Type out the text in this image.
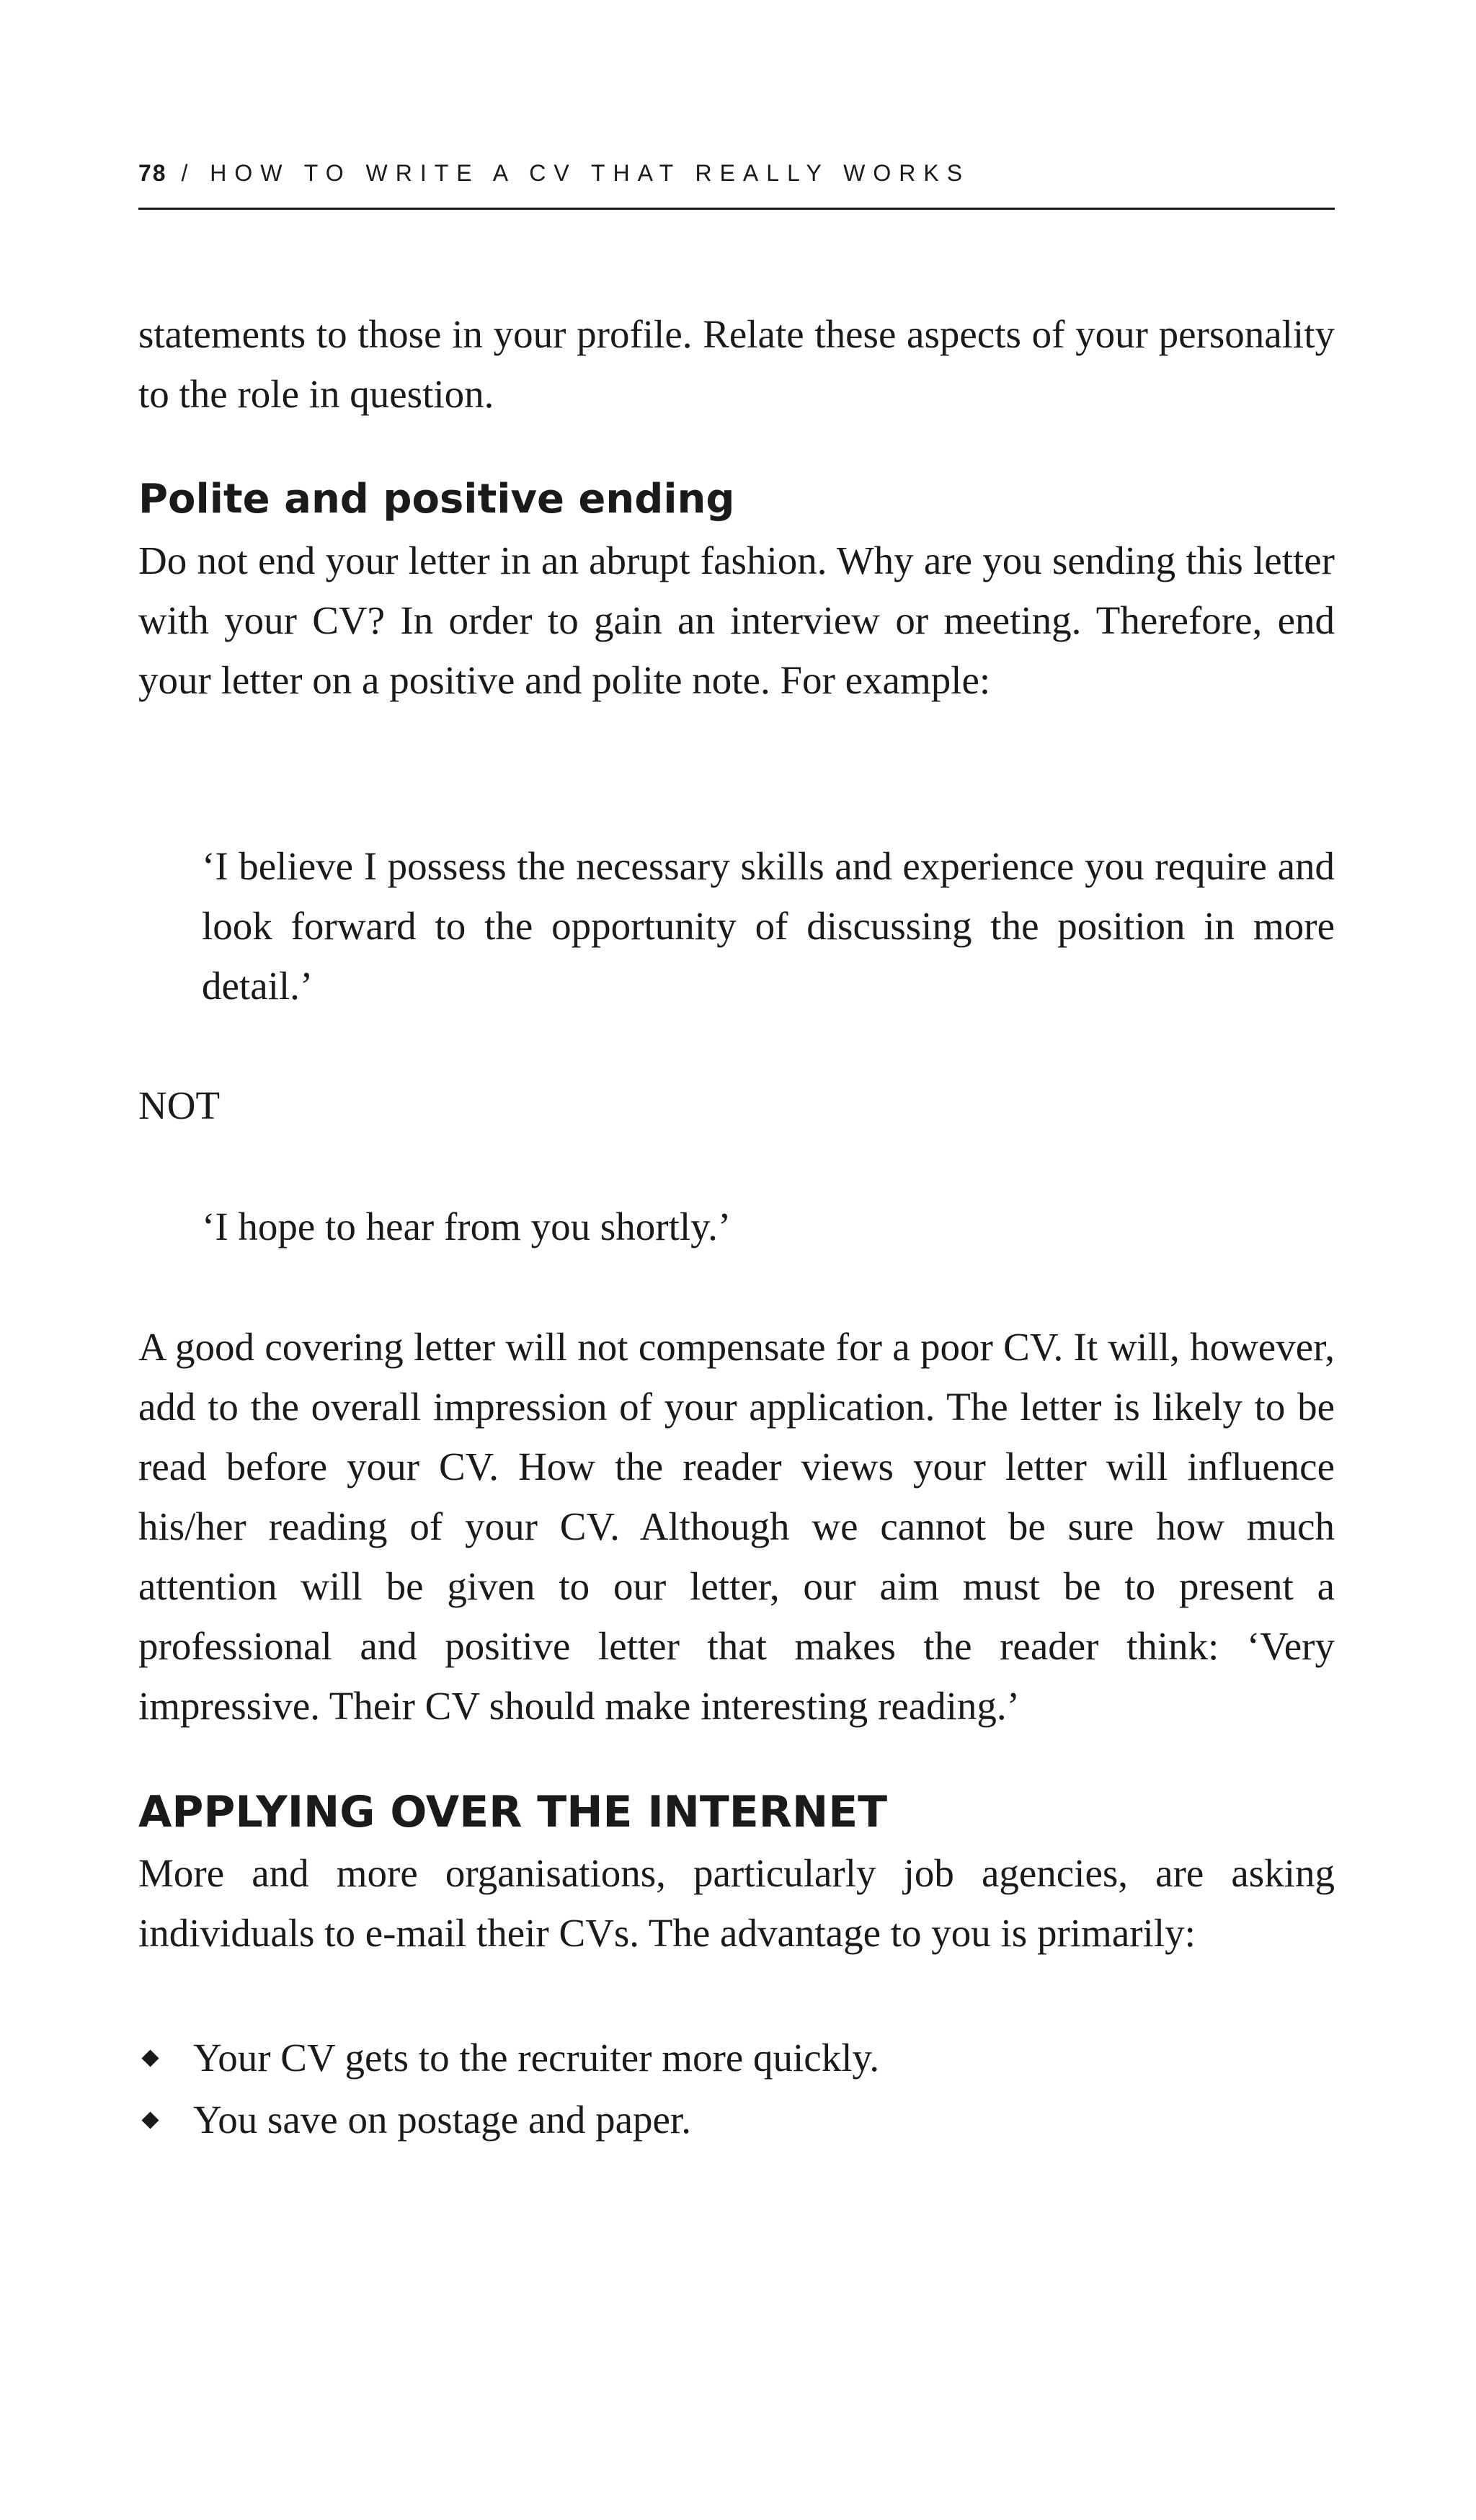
78 / HOW TO WRITE A CV THAT REALLY WORKS

statements to those in your profile. Relate these aspects of your personality to the role in question.

Polite and positive ending

Do not end your letter in an abrupt fashion. Why are you sending this letter with your CV? In order to gain an interview or meeting. Therefore, end your letter on a positive and polite note. For example:

‘I believe I possess the necessary skills and experience you require and look forward to the opportunity of discussing the position in more detail.’

NOT

‘I hope to hear from you shortly.’

A good covering letter will not compensate for a poor CV. It will, however, add to the overall impression of your application. The letter is likely to be read before your CV. How the reader views your letter will influence his/her reading of your CV. Although we cannot be sure how much attention will be given to our letter, our aim must be to present a professional and positive letter that makes the reader think: ‘Very impressive. Their CV should make interesting reading.’

APPLYING OVER THE INTERNET

More and more organisations, particularly job agencies, are asking individuals to e-mail their CVs. The advantage to you is primarily:

Your CV gets to the recruiter more quickly.
You save on postage and paper.
